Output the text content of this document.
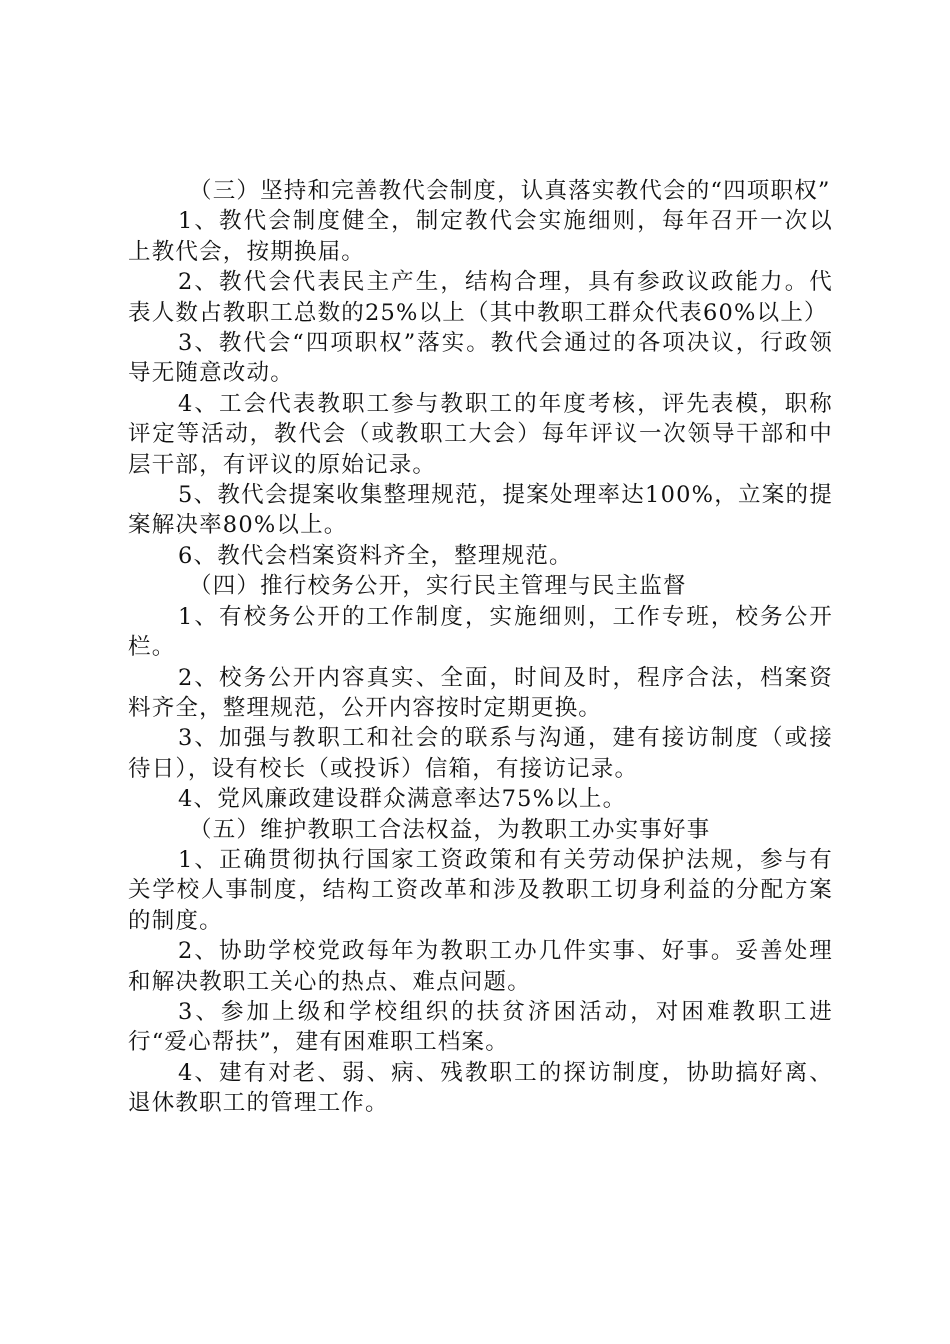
（三）坚持和完善教代会制度，认真落实教代会的“四项职权”

1、教代会制度健全，制定教代会实施细则，每年召开一次以上教代会，按期换届。

2、教代会代表民主产生，结构合理，具有参政议政能力。代表人数占教职工总数的25%以上（其中教职工群众代表60%以上）

3、教代会“四项职权”落实。教代会通过的各项决议，行政领导无随意改动。

4、工会代表教职工参与教职工的年度考核，评先表模，职称评定等活动，教代会（或教职工大会）每年评议一次领导干部和中层干部，有评议的原始记录。

5、教代会提案收集整理规范，提案处理率达100%，立案的提案解决率80%以上。

6、教代会档案资料齐全，整理规范。

（四）推行校务公开，实行民主管理与民主监督

1、有校务公开的工作制度，实施细则，工作专班，校务公开栏。

2、校务公开内容真实、全面，时间及时，程序合法，档案资料齐全，整理规范，公开内容按时定期更换。

3、加强与教职工和社会的联系与沟通，建有接访制度（或接待日），设有校长（或投诉）信箱，有接访记录。

4、党风廉政建设群众满意率达75%以上。

（五）维护教职工合法权益，为教职工办实事好事

1、正确贯彻执行国家工资政策和有关劳动保护法规，参与有关学校人事制度，结构工资改革和涉及教职工切身利益的分配方案的制度。

2、协助学校党政每年为教职工办几件实事、好事。妥善处理和解决教职工关心的热点、难点问题。

3、参加上级和学校组织的扶贫济困活动，对困难教职工进行“爱心帮扶”，建有困难职工档案。

4、建有对老、弱、病、残教职工的探访制度，协助搞好离、退休教职工的管理工作。
